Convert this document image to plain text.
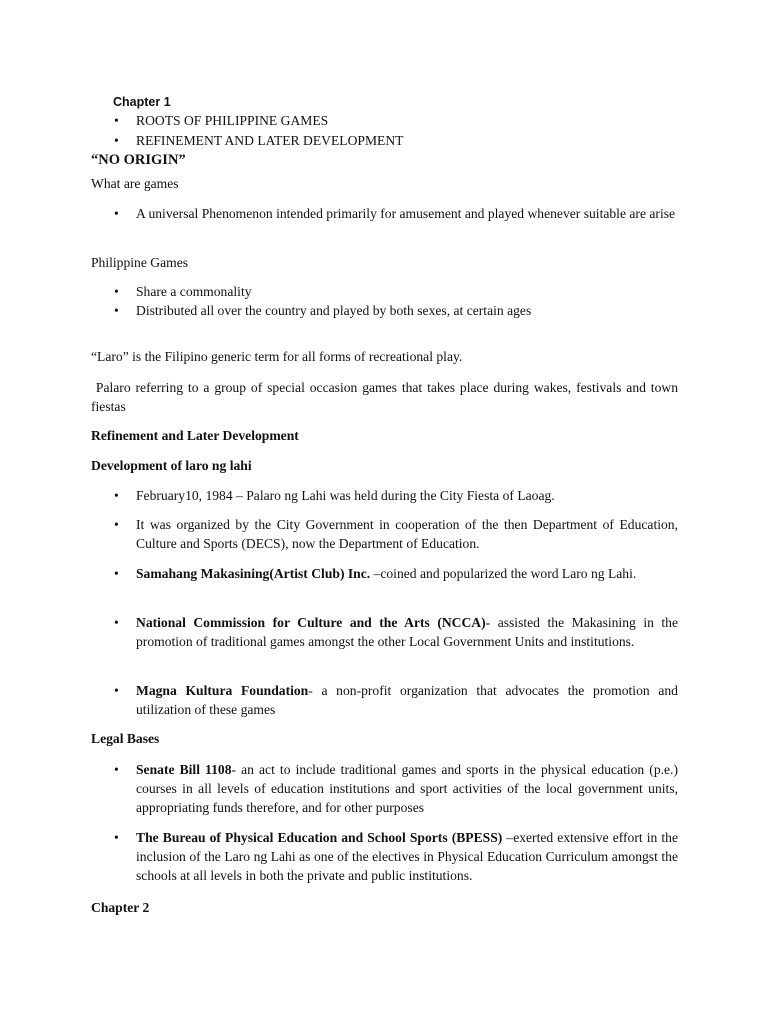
Chapter 1
•	ROOTS OF PHILIPPINE GAMES
•	REFINEMENT AND LATER DEVELOPMENT
“NO ORIGIN”
What are games
•	A universal Phenomenon intended primarily for amusement and played whenever suitable are arise
Philippine Games
•	Share a commonality
•	Distributed all over the country and played by both sexes, at certain ages
“Laro” is the Filipino generic term for all forms of recreational play.
Palaro referring to a group of special occasion games that takes place during wakes, festivals and town fiestas
Refinement and Later Development
Development of laro ng lahi
•	February10, 1984 – Palaro ng Lahi was held during the City Fiesta of Laoag.
•	It was organized by the City Government in cooperation of the then Department of Education, Culture and Sports (DECS), now the Department of Education.
•	Samahang Makasining(Artist Club) Inc. –coined and popularized the word Laro ng Lahi.
•	National Commission for Culture and the Arts (NCCA)- assisted the Makasining in the promotion of traditional games amongst the other Local Government Units and institutions.
•	Magna Kultura Foundation- a non-profit organization that advocates the promotion and utilization of these games
Legal Bases
•	Senate Bill 1108- an act to include traditional games and sports in the physical education (p.e.) courses in all levels of education institutions and sport activities of the local government units, appropriating funds therefore, and for other purposes
•	The Bureau of Physical Education and School Sports (BPESS) –exerted extensive effort in the inclusion of the Laro ng Lahi as one of the electives in Physical Education Curriculum amongst the schools at all levels in both the private and public institutions.
Chapter 2
